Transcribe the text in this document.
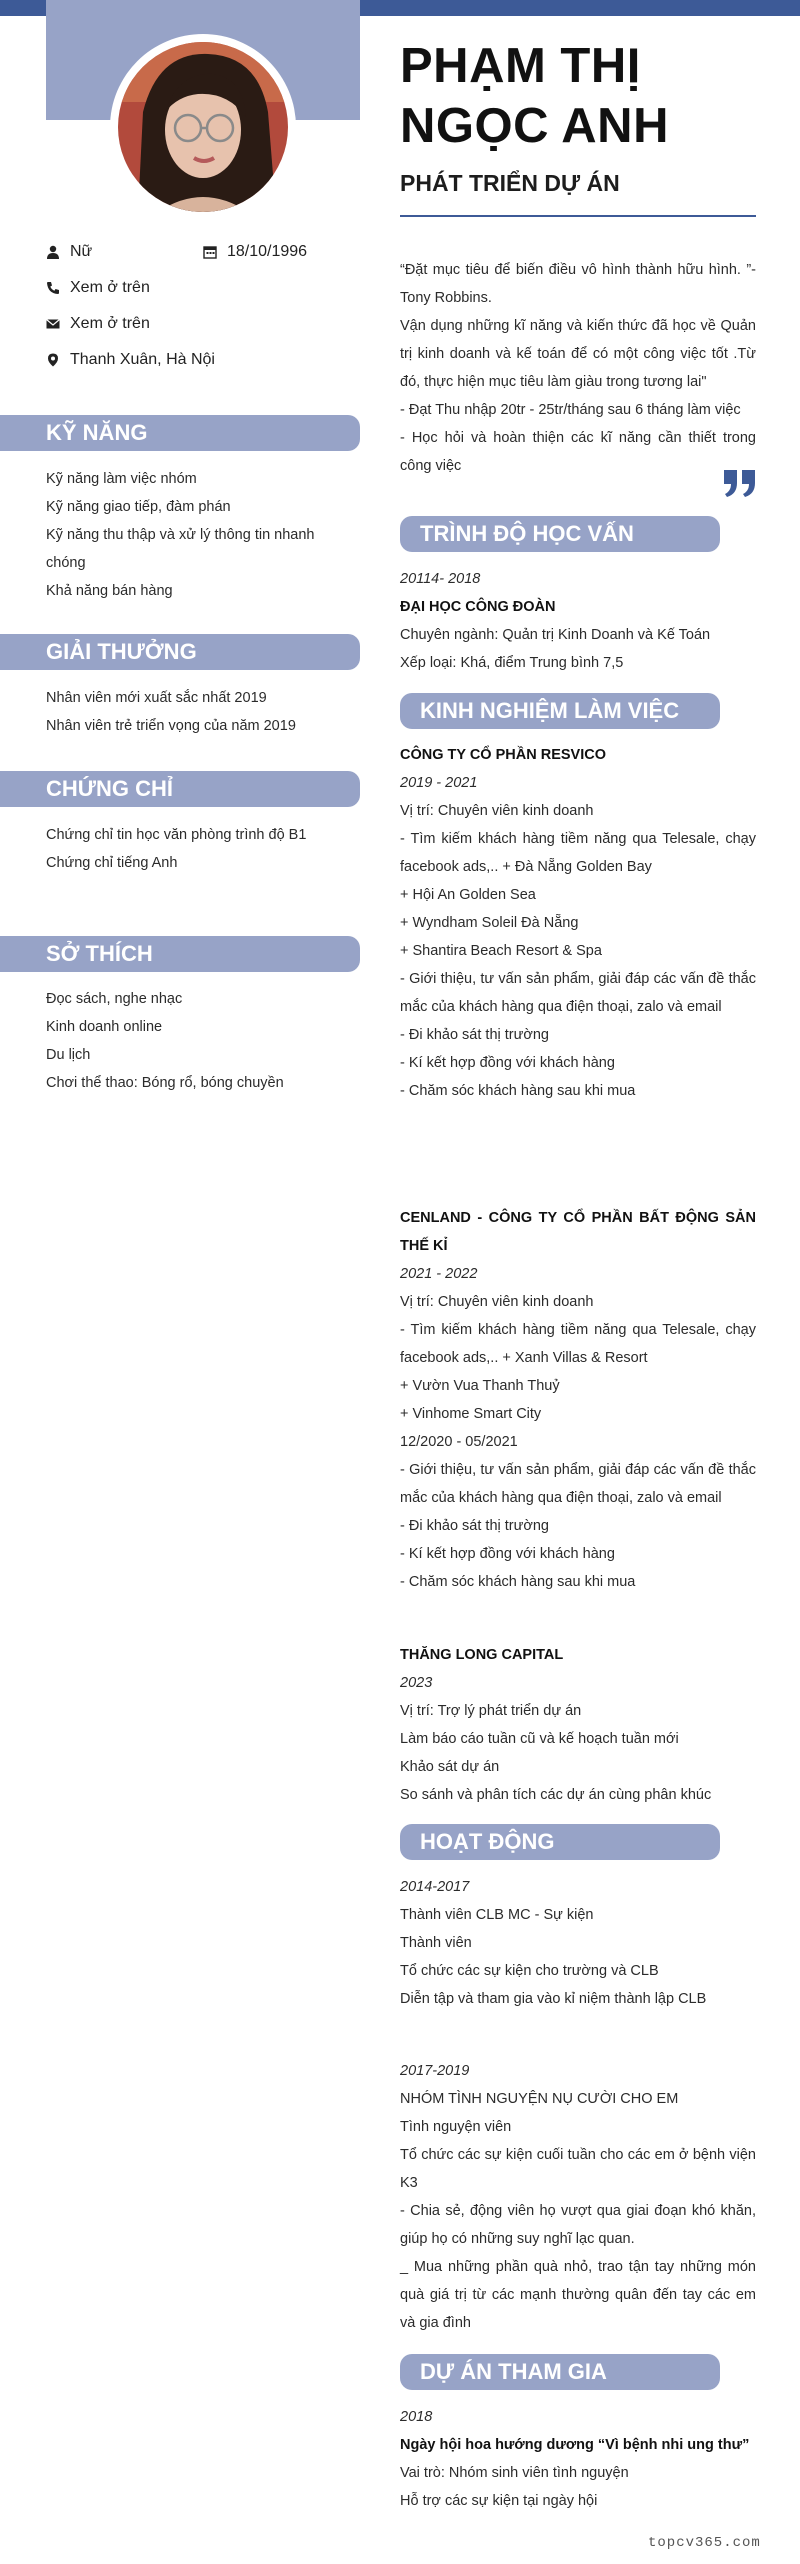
PHẠM THỊ
NGỌC ANH
PHÁT TRIỂN DỰ ÁN
Nữ	18/10/1996
Xem ở trên
Xem ở trên
Thanh Xuân, Hà Nội
KỸ NĂNG
Kỹ năng làm việc nhóm
Kỹ năng giao tiếp, đàm phán
Kỹ năng thu thập và xử lý thông tin nhanh chóng
Khả năng bán hàng
GIẢI THƯỞNG
Nhân viên mới xuất sắc nhất 2019
Nhân viên trẻ triển vọng của năm 2019
CHỨNG CHỈ
Chứng chỉ tin học văn phòng trình độ B1
Chứng chỉ tiếng Anh
SỞ THÍCH
Đọc sách, nghe nhạc
Kinh doanh online
Du lịch
Chơi thể thao: Bóng rổ, bóng chuyền
“Đặt mục tiêu để biến điều vô hình thành hữu hình. ”- Tony Robbins.
Vận dụng những kĩ năng và kiến thức đã học về Quản trị kinh doanh và kế toán để có một công việc tốt .Từ đó, thực hiện mục tiêu làm giàu trong tương lai"
- Đạt Thu nhập 20tr - 25tr/tháng sau 6 tháng làm việc
- Học hỏi và hoàn thiện các kĩ năng cần thiết trong công việc
TRÌNH ĐỘ HỌC VẤN
20114- 2018
ĐẠI HỌC CÔNG ĐOÀN
Chuyên ngành: Quản trị Kinh Doanh và Kế Toán
Xếp loại: Khá, điểm Trung bình 7,5
KINH NGHIỆM LÀM VIỆC
CÔNG TY CỔ PHẦN RESVICO
2019 - 2021
Vị trí: Chuyên viên kinh doanh
- Tìm kiếm khách hàng tiềm năng qua Telesale, chạy facebook ads,.. + Đà Nẵng Golden Bay
+ Hội An Golden Sea
+ Wyndham Soleil Đà Nẵng
+ Shantira Beach Resort & Spa
- Giới thiệu, tư vấn sản phẩm, giải đáp các vấn đề thắc mắc của khách hàng qua điện thoại, zalo và email
- Đi khảo sát thị trường
- Kí kết hợp đồng với khách hàng
- Chăm sóc khách hàng sau khi mua
CENLAND - CÔNG TY CỔ PHẦN BẤT ĐỘNG SẢN THẾ KỈ
2021 - 2022
Vị trí: Chuyên viên kinh doanh
- Tìm kiếm khách hàng tiềm năng qua Telesale, chạy facebook ads,.. + Xanh Villas & Resort
+ Vườn Vua Thanh Thuỷ
+ Vinhome Smart City
12/2020 - 05/2021
- Giới thiệu, tư vấn sản phẩm, giải đáp các vấn đề thắc mắc của khách hàng qua điện thoại, zalo và email
- Đi khảo sát thị trường
- Kí kết hợp đồng với khách hàng
- Chăm sóc khách hàng sau khi mua
THĂNG LONG CAPITAL
2023
Vị trí: Trợ lý phát triển dự án
Làm báo cáo tuần cũ và kế hoạch tuần mới
Khảo sát dự án
So sánh và phân tích các dự án cùng phân khúc
HOẠT ĐỘNG
2014-2017
Thành viên CLB MC - Sự kiện
Thành viên
Tổ chức các sự kiện cho trường và CLB
Diễn tập và tham gia vào kỉ niệm thành lập CLB
2017-2019
NHÓM TÌNH NGUYỆN NỤ CƯỜI CHO EM
Tình nguyện viên
Tổ chức các sự kiện cuối tuần cho các em ở bệnh viện K3
- Chia sẻ, động viên họ vượt qua giai đoạn khó khăn, giúp họ có những suy nghĩ lạc quan.
_ Mua những phần quà nhỏ, trao tận tay những món quà giá trị từ các mạnh thường quân đến tay các em và gia đình
DỰ ÁN THAM GIA
2018
Ngày hội hoa hướng dương “Vì bệnh nhi ung thư”
Vai trò: Nhóm sinh viên tình nguyện
Hỗ trợ các sự kiện tại ngày hội
topcv365.com
